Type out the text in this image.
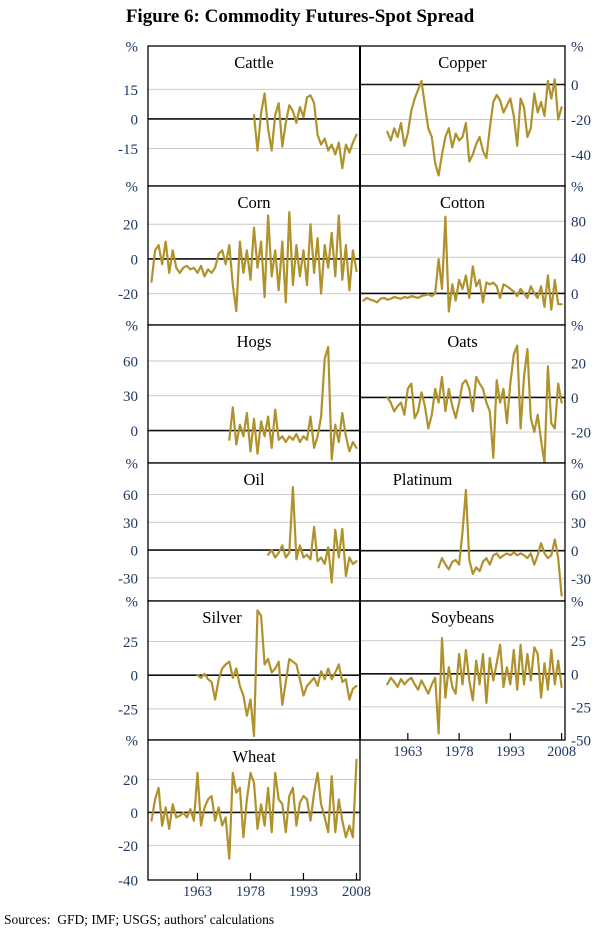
Figure 6: Commodity Futures-Spot Spread
Cattle
%
15
0
-15
Copper
%
0
-20
-40
Corn
%
20
0
-20
Cotton
%
80
40
0
Hogs
%
60
30
0
Oats
%
20
0
-20
Oil
%
60
30
0
-30
Platinum
%
60
30
0
-30
Silver
%
25
0
-25
Soybeans
%
25
0
-25
-50
1963 1978 1993 2008
Wheat
%
20
0
-20
-40
1963 1978 1993 2008
Sources:  GFD; IMF; USGS; authors' calculations
